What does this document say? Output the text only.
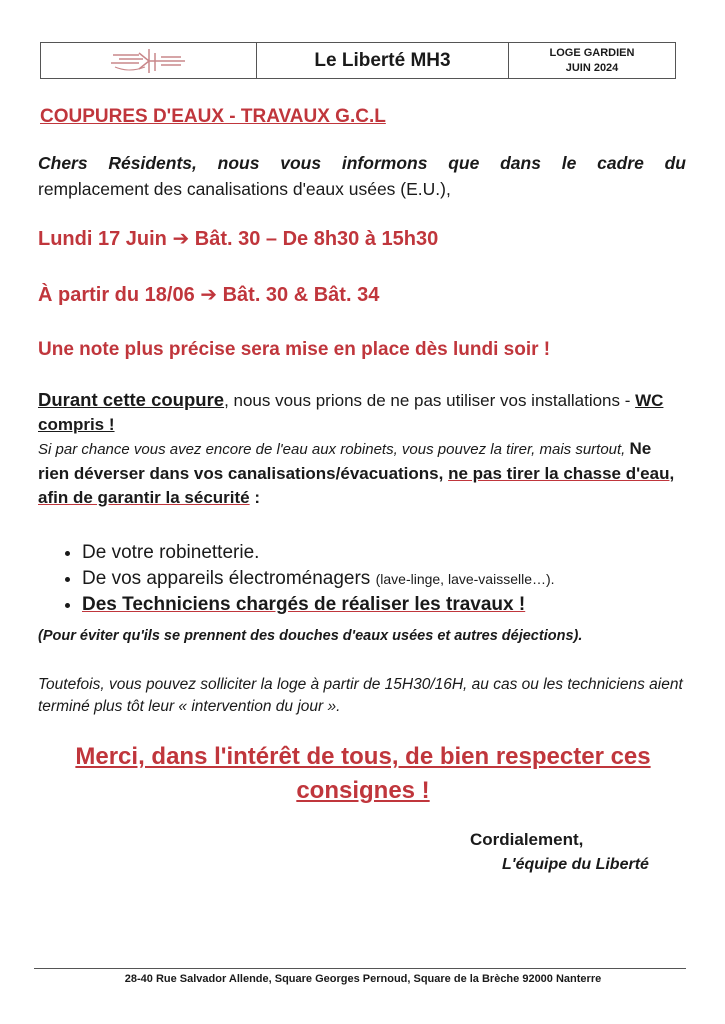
Le Liberté MH3	LOGE GARDIEN
JUIN 2024
COUPURES D'EAUX - TRAVAUX G.C.L
Chers Résidents, nous vous informons que dans le cadre du
remplacement des canalisations d'eaux usées (E.U.),
Lundi 17 Juin ➔ Bât. 30 – De 8h30 à 15h30
À partir du 18/06 ➔ Bât. 30 & Bât. 34
Une note plus précise sera mise en place dès lundi soir !
Durant cette coupure, nous vous prions de ne pas utiliser vos installations - WC compris !
Si par chance vous avez encore de l'eau aux robinets, vous pouvez la tirer, mais surtout, Ne rien déverser dans vos canalisations/évacuations, ne pas tirer la chasse d'eau, afin de garantir la sécurité :
• De votre robinetterie.
• De vos appareils électroménagers (lave-linge, lave-vaisselle…).
• Des Techniciens chargés de réaliser les travaux !
(Pour éviter qu'ils se prennent des douches d'eaux usées et autres déjections).
Toutefois, vous pouvez solliciter la loge à partir de 15H30/16H, au cas ou les techniciens aient terminé plus tôt leur « intervention du jour ».
Merci, dans l'intérêt de tous, de bien respecter ces consignes !
Cordialement,
L'équipe du Liberté
28-40 Rue Salvador Allende, Square Georges Pernoud, Square de la Brèche 92000 Nanterre
